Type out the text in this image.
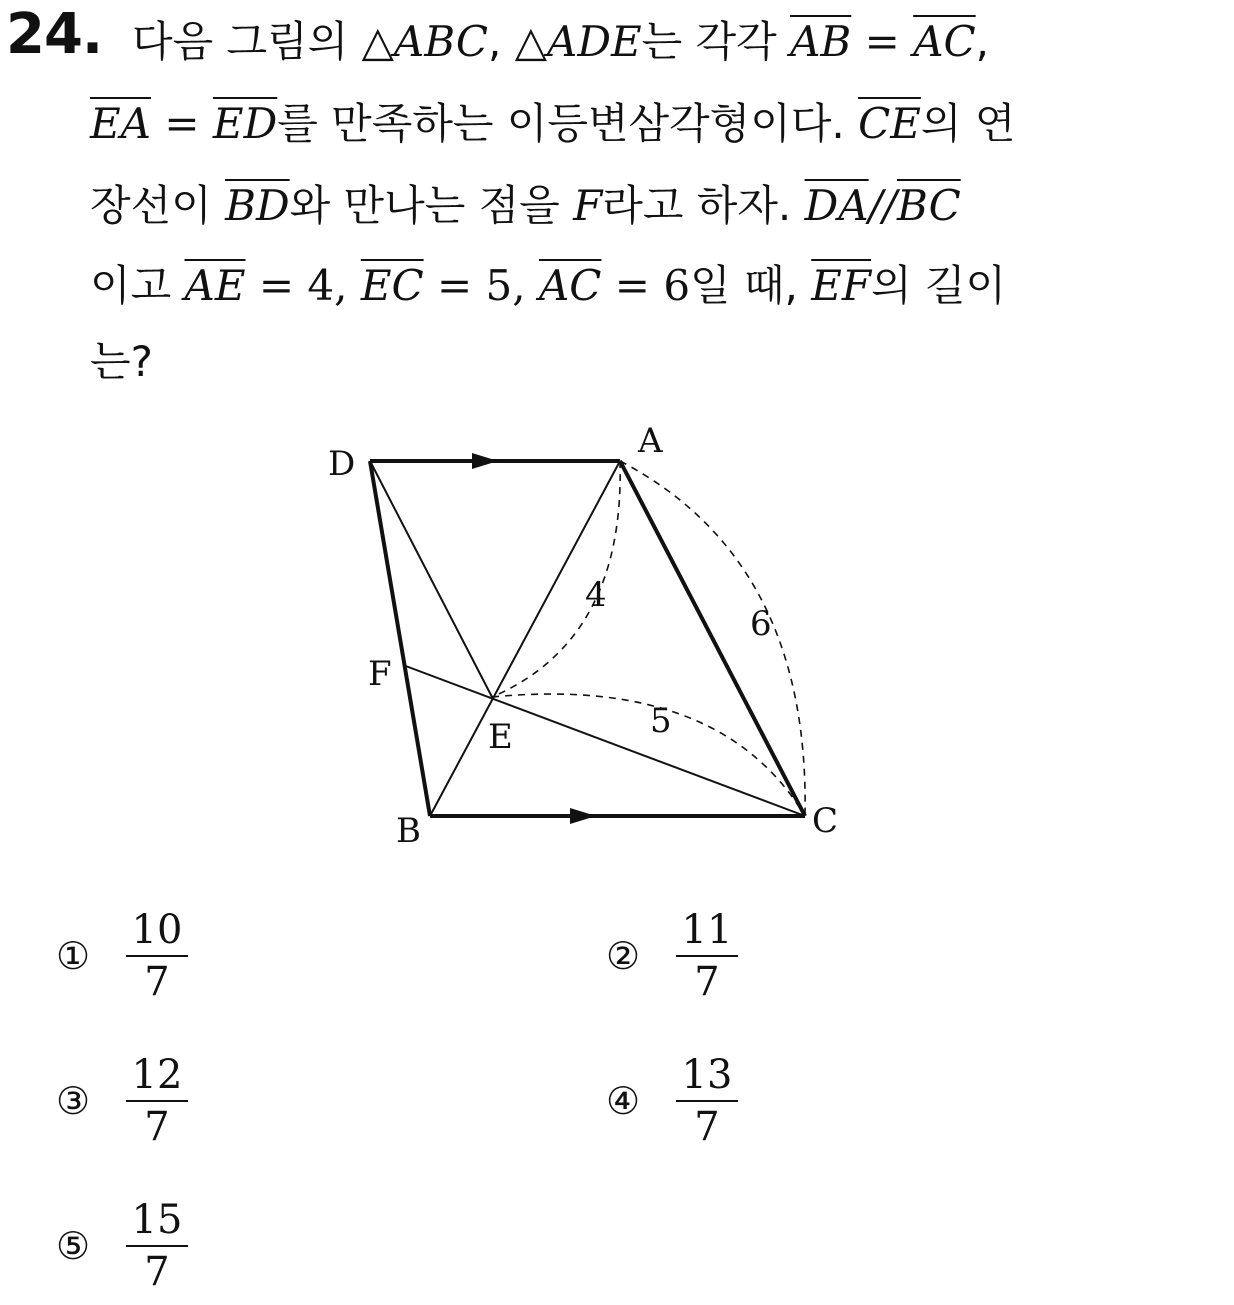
24. 다음 그림의 △ABC, △ADE는 각각 $\overline{AB} = \overline{AC}$,
$\overline{EA} = \overline{ED}$를 만족하는 이등변삼각형이다. $\overline{CE}$의 연
장선이 $\overline{BD}$와 만나는 점을 F라고 하자. $\overline{DA}//\overline{BC}$
이고 $\overline{AE} = 4$, $\overline{EC} = 5$, $\overline{AC} = 6$일 때, $\overline{EF}$의 길이
는?
D
A
F
E
B	C
4
6
5
① $\frac{10}{7}$	② $\frac{11}{7}$
③ $\frac{12}{7}$	④ $\frac{13}{7}$
⑤ $\frac{15}{7}$
